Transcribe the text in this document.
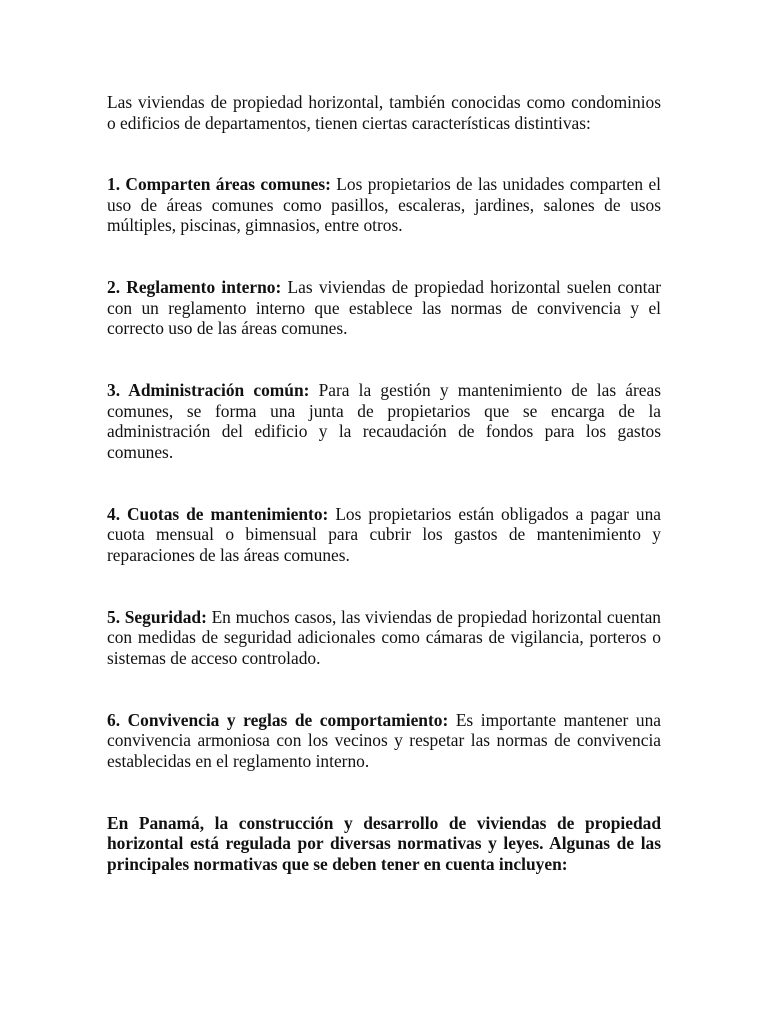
Las viviendas de propiedad horizontal, también conocidas como condominios o edificios de departamentos, tienen ciertas características distintivas:

1. Comparten áreas comunes: Los propietarios de las unidades comparten el uso de áreas comunes como pasillos, escaleras, jardines, salones de usos múltiples, piscinas, gimnasios, entre otros.

2. Reglamento interno: Las viviendas de propiedad horizontal suelen contar con un reglamento interno que establece las normas de convivencia y el correcto uso de las áreas comunes.

3. Administración común: Para la gestión y mantenimiento de las áreas comunes, se forma una junta de propietarios que se encarga de la administración del edificio y la recaudación de fondos para los gastos comunes.

4. Cuotas de mantenimiento: Los propietarios están obligados a pagar una cuota mensual o bimensual para cubrir los gastos de mantenimiento y reparaciones de las áreas comunes.

5. Seguridad: En muchos casos, las viviendas de propiedad horizontal cuentan con medidas de seguridad adicionales como cámaras de vigilancia, porteros o sistemas de acceso controlado.

6. Convivencia y reglas de comportamiento: Es importante mantener una convivencia armoniosa con los vecinos y respetar las normas de convivencia establecidas en el reglamento interno.

En Panamá, la construcción y desarrollo de viviendas de propiedad horizontal está regulada por diversas normativas y leyes. Algunas de las principales normativas que se deben tener en cuenta incluyen:
